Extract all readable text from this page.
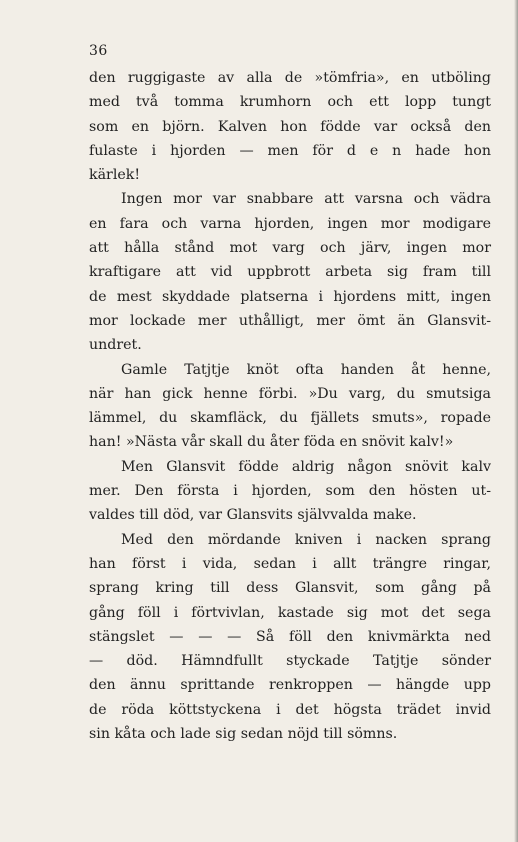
36
den ruggigaste av alla de »tömfria», en utböling
med två tomma krumhorn och ett lopp tungt
som en björn. Kalven hon födde var också den
fulaste i hjorden — men för d e n hade hon
kärlek!
Ingen mor var snabbare att varsna och vädra
en fara och varna hjorden, ingen mor modigare
att hålla stånd mot varg och järv, ingen mor
kraftigare att vid uppbrott arbeta sig fram till
de mest skyddade platserna i hjordens mitt, ingen
mor lockade mer uthålligt, mer ömt än Glansvit-
undret.
Gamle Tatjtje knöt ofta handen åt henne,
när han gick henne förbi. »Du varg, du smutsiga
lämmel, du skamfläck, du fjällets smuts», ropade
han! »Nästa vår skall du åter föda en snövit kalv!»
Men Glansvit födde aldrig någon snövit kalv
mer. Den första i hjorden, som den hösten ut-
valdes till död, var Glansvits självvalda make.
Med den mördande kniven i nacken sprang
han först i vida, sedan i allt trängre ringar,
sprang kring till dess Glansvit, som gång på
gång föll i förtvivlan, kastade sig mot det sega
stängslet — — — Så föll den knivmärkta ned
— död. Hämndfullt styckade Tatjtje sönder
den ännu sprittande renkroppen — hängde upp
de röda köttstyckena i det högsta trädet invid
sin kåta och lade sig sedan nöjd till sömns.
